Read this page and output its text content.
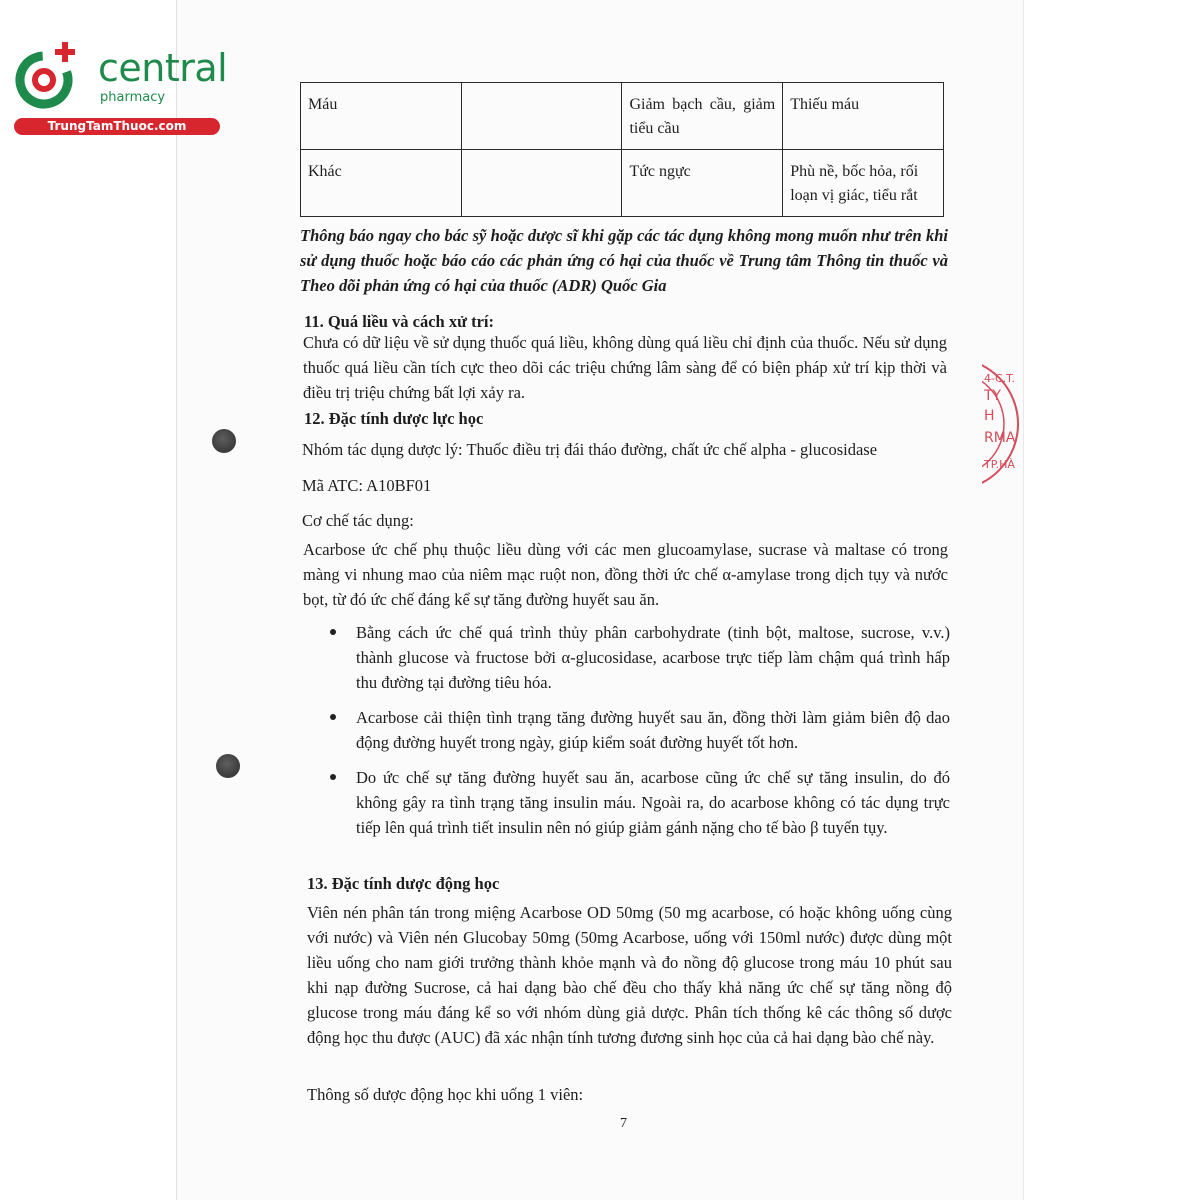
central
pharmacy
TrungTamThuoc.com
Máu		Giảm bạch cầu, giảm tiểu cầu	Thiếu máu
Khác		Tức ngực	Phù nề, bốc hỏa, rối loạn vị giác, tiểu rắt
Thông báo ngay cho bác sỹ hoặc dược sĩ khi gặp các tác dụng không mong muốn như trên khi sử dụng thuốc hoặc báo cáo các phản ứng có hại của thuốc về Trung tâm Thông tin thuốc và Theo dõi phản ứng có hại của thuốc (ADR) Quốc Gia
11. Quá liều và cách xử trí:
Chưa có dữ liệu về sử dụng thuốc quá liều, không dùng quá liều chỉ định của thuốc. Nếu sử dụng thuốc quá liều cần tích cực theo dõi các triệu chứng lâm sàng để có biện pháp xử trí kịp thời và điều trị triệu chứng bất lợi xảy ra.
12. Đặc tính dược lực học
Nhóm tác dụng dược lý: Thuốc điều trị đái tháo đường, chất ức chế alpha - glucosidase
Mã ATC: A10BF01
Cơ chế tác dụng:
Acarbose ức chế phụ thuộc liều dùng với các men glucoamylase, sucrase và maltase có trong màng vi nhung mao của niêm mạc ruột non, đồng thời ức chế α-amylase trong dịch tụy và nước bọt, từ đó ức chế đáng kể sự tăng đường huyết sau ăn.
Bằng cách ức chế quá trình thủy phân carbohydrate (tinh bột, maltose, sucrose, v.v.) thành glucose và fructose bởi α-glucosidase, acarbose trực tiếp làm chậm quá trình hấp thu đường tại đường tiêu hóa.
Acarbose cải thiện tình trạng tăng đường huyết sau ăn, đồng thời làm giảm biên độ dao động đường huyết trong ngày, giúp kiểm soát đường huyết tốt hơn.
Do ức chế sự tăng đường huyết sau ăn, acarbose cũng ức chế sự tăng insulin, do đó không gây ra tình trạng tăng insulin máu. Ngoài ra, do acarbose không có tác dụng trực tiếp lên quá trình tiết insulin nên nó giúp giảm gánh nặng cho tế bào β tuyến tụy.
13. Đặc tính dược động học
Viên nén phân tán trong miệng Acarbose OD 50mg (50 mg acarbose, có hoặc không uống cùng với nước) và Viên nén Glucobay 50mg (50mg Acarbose, uống với 150ml nước) được dùng một liều uống cho nam giới trưởng thành khỏe mạnh và đo nồng độ glucose trong máu 10 phút sau khi nạp đường Sucrose, cả hai dạng bào chế đều cho thấy khả năng ức chế sự tăng nồng độ glucose trong máu đáng kể so với nhóm dùng giả dược. Phân tích thống kê các thông số dược động học thu được (AUC) đã xác nhận tính tương đương sinh học của cả hai dạng bào chế này.
Thông số dược động học khi uống 1 viên:
7
4-C.T.
TY
H
RMA
TP.HÀ
